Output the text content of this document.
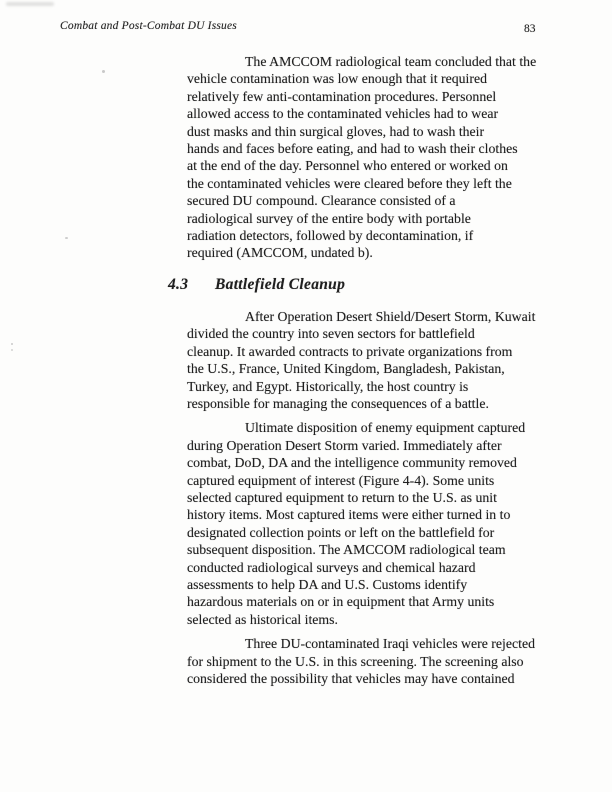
Combat and Post-Combat DU Issues	83
The AMCCOM radiological team concluded that the
vehicle contamination was low enough that it required
relatively few anti-contamination procedures. Personnel
allowed access to the contaminated vehicles had to wear
dust masks and thin surgical gloves, had to wash their
hands and faces before eating, and had to wash their clothes
at the end of the day. Personnel who entered or worked on
the contaminated vehicles were cleared before they left the
secured DU compound. Clearance consisted of a
radiological survey of the entire body with portable
radiation detectors, followed by decontamination, if
required (AMCCOM, undated b).
4.3 Battlefield Cleanup
After Operation Desert Shield/Desert Storm, Kuwait
divided the country into seven sectors for battlefield
cleanup. It awarded contracts to private organizations from
the U.S., France, United Kingdom, Bangladesh, Pakistan,
Turkey, and Egypt. Historically, the host country is
responsible for managing the consequences of a battle.
Ultimate disposition of enemy equipment captured
during Operation Desert Storm varied. Immediately after
combat, DoD, DA and the intelligence community removed
captured equipment of interest (Figure 4-4). Some units
selected captured equipment to return to the U.S. as unit
history items. Most captured items were either turned in to
designated collection points or left on the battlefield for
subsequent disposition. The AMCCOM radiological team
conducted radiological surveys and chemical hazard
assessments to help DA and U.S. Customs identify
hazardous materials on or in equipment that Army units
selected as historical items.
Three DU-contaminated Iraqi vehicles were rejected
for shipment to the U.S. in this screening. The screening also
considered the possibility that vehicles may have contained
